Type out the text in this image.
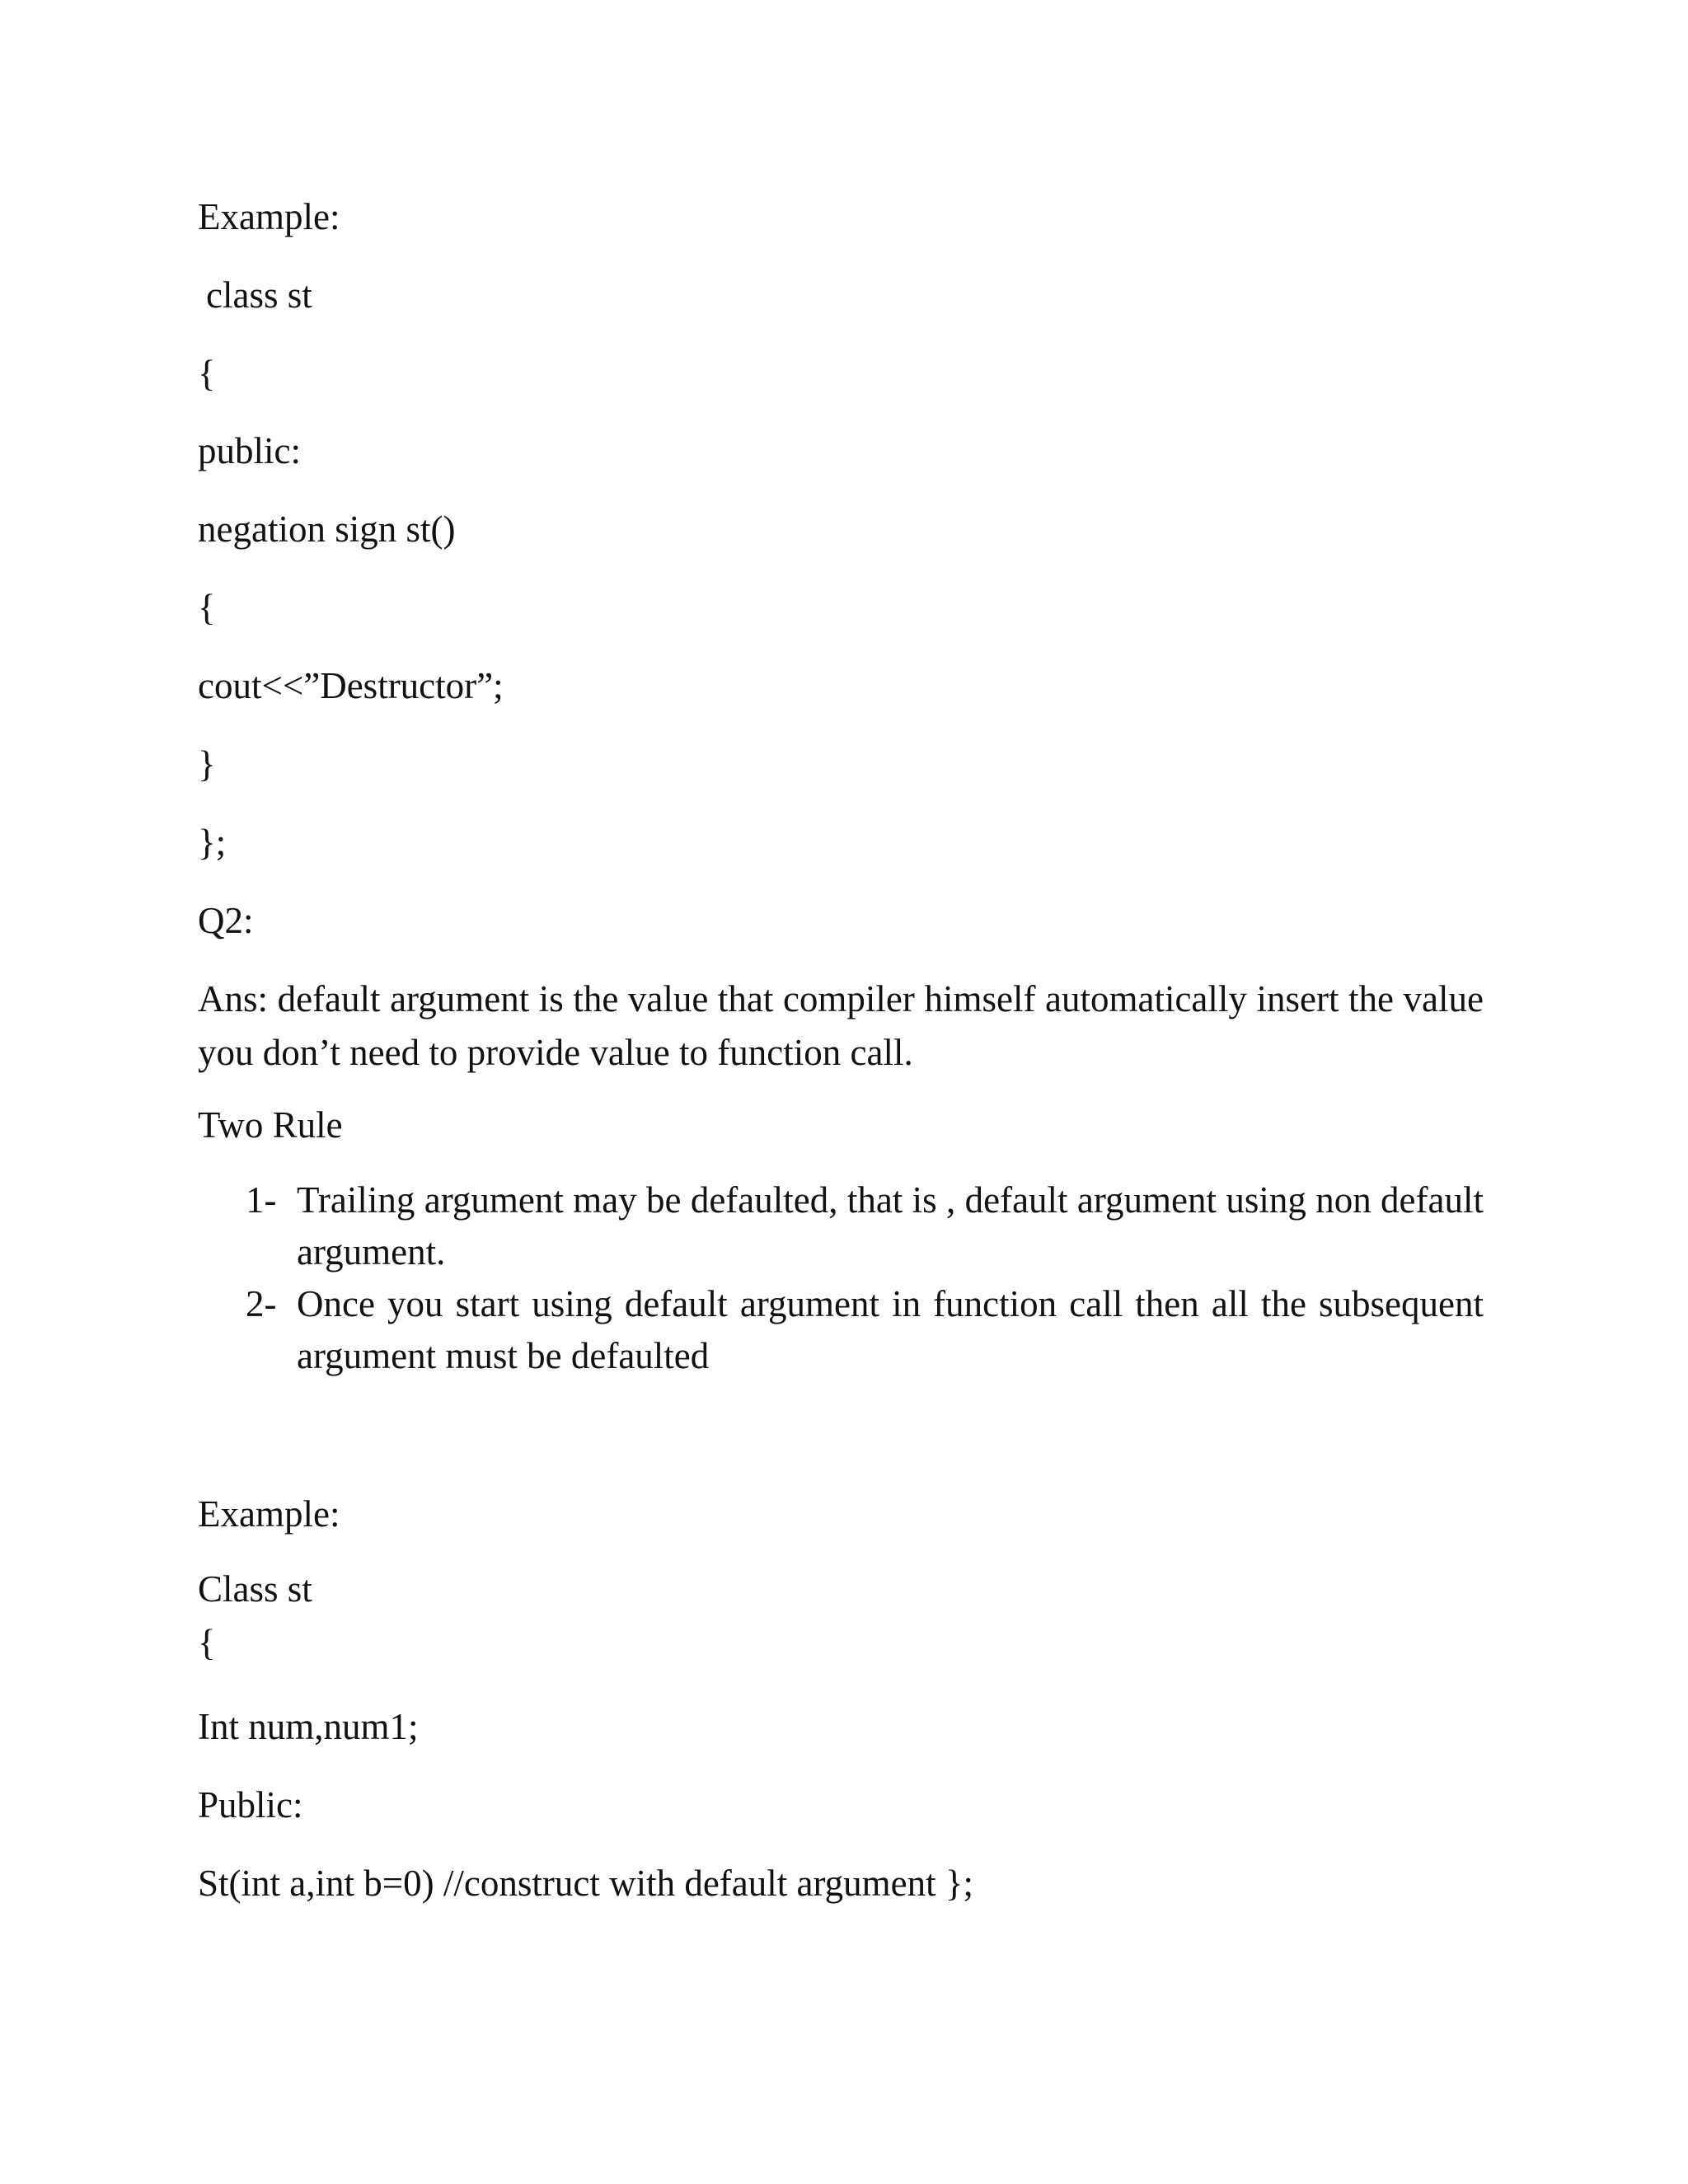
Example:

class st

{

public:

negation sign st()

{

cout<<”Destructor”;

}

};

Q2:

Ans: default argument is the value that compiler himself automatically insert the value you don’t need to provide value to function call.

Two Rule

1- Trailing argument may be defaulted, that is , default argument using non default argument.
2- Once you start using default argument in function call then all the subsequent argument must be defaulted

Example:

Class st

{

Int num,num1;

Public:

St(int a,int b=0) //construct with default argument };
